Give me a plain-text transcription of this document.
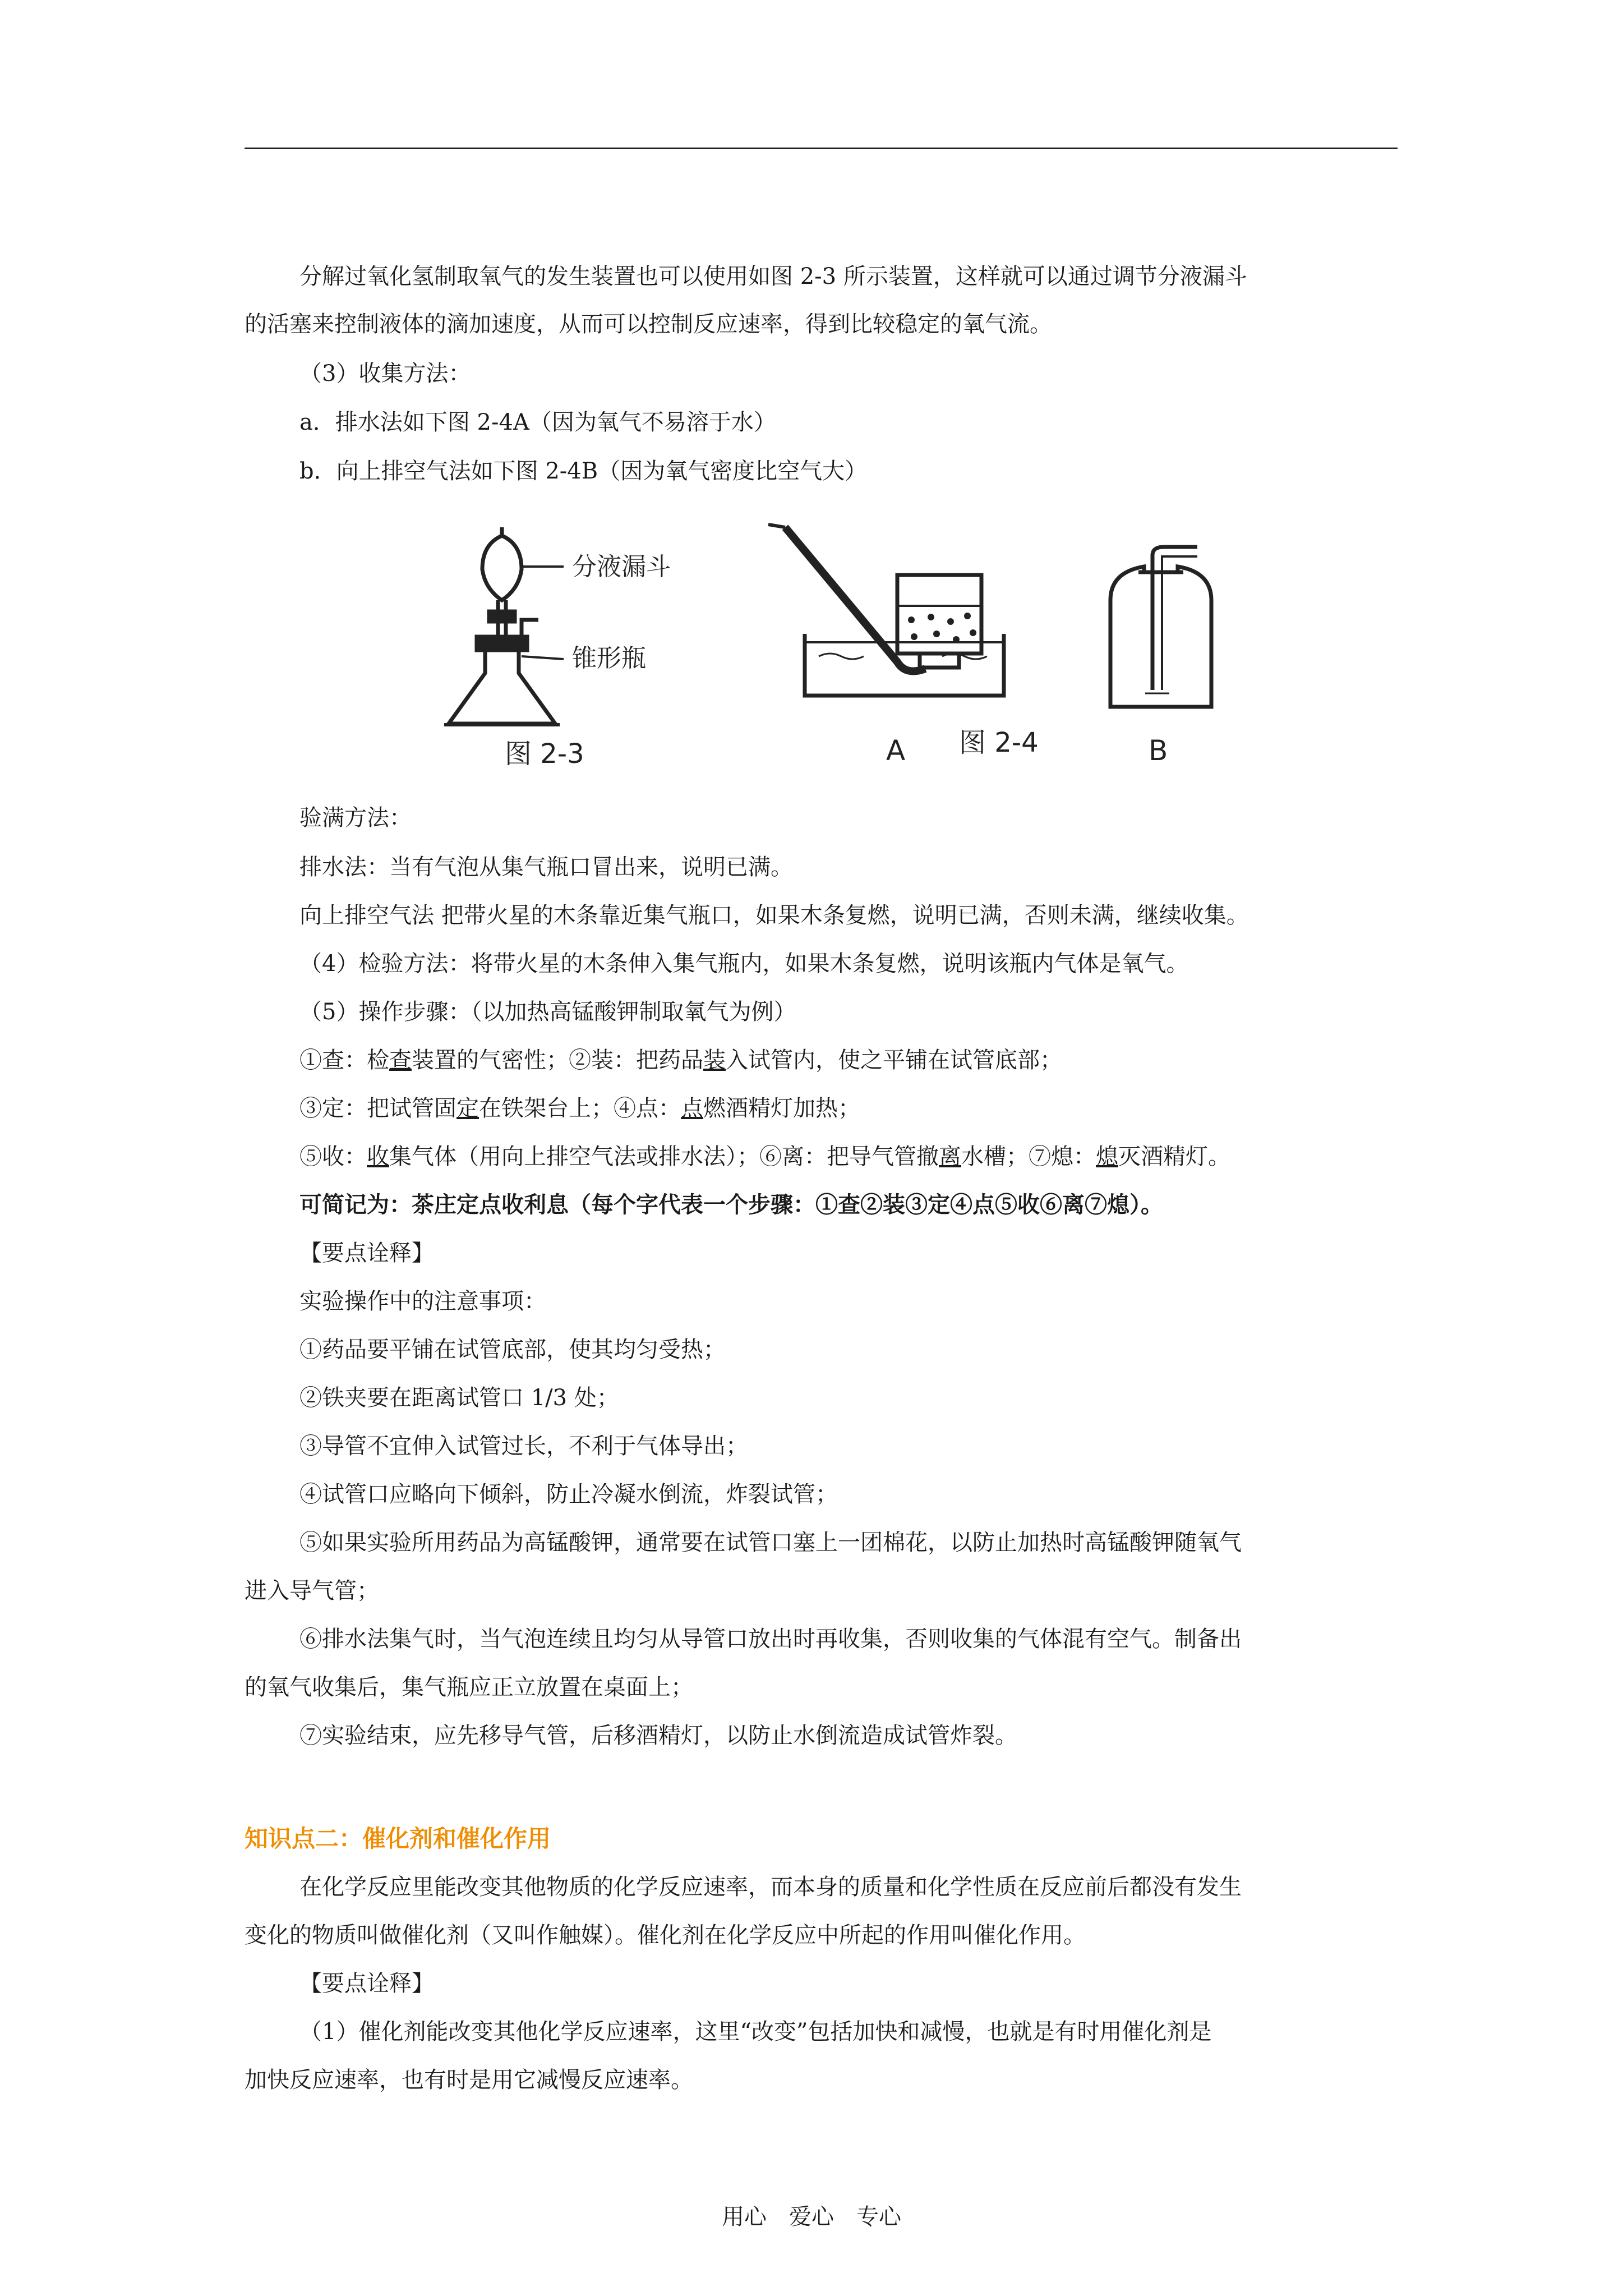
分解过氧化氢制取氧气的发生装置也可以使用如图 2-3 所示装置，这样就可以通过调节分液漏斗
的活塞来控制液体的滴加速度，从而可以控制反应速率，得到比较稳定的氧气流。
（3）收集方法：
a．排水法如下图 2-4A（因为氧气不易溶于水）
b．向上排空气法如下图 2-4B（因为氧气密度比空气大）
分液漏斗
锥形瓶
图 2-3	A 图 2-4	B
验满方法：
排水法：当有气泡从集气瓶口冒出来，说明已满。
向上排空气法 把带火星的木条靠近集气瓶口，如果木条复燃，说明已满，否则未满，继续收集。
（4）检验方法：将带火星的木条伸入集气瓶内，如果木条复燃，说明该瓶内气体是氧气。
（5）操作步骤：（以加热高锰酸钾制取氧气为例）
①查：检查装置的气密性；②装：把药品装入试管内，使之平铺在试管底部；
③定：把试管固定在铁架台上；④点：点燃酒精灯加热；
⑤收：收集气体（用向上排空气法或排水法）；⑥离：把导气管撤离水槽；⑦熄：熄灭酒精灯。
可简记为：茶庄定点收利息（每个字代表一个步骤：①查②装③定④点⑤收⑥离⑦熄）。
【要点诠释】
实验操作中的注意事项：
①药品要平铺在试管底部，使其均匀受热；
②铁夹要在距离试管口 1/3 处；
③导管不宜伸入试管过长，不利于气体导出；
④试管口应略向下倾斜，防止冷凝水倒流，炸裂试管；
⑤如果实验所用药品为高锰酸钾，通常要在试管口塞上一团棉花，以防止加热时高锰酸钾随氧气
进入导气管；
⑥排水法集气时，当气泡连续且均匀从导管口放出时再收集，否则收集的气体混有空气。制备出
的氧气收集后，集气瓶应正立放置在桌面上；
⑦实验结束，应先移导气管，后移酒精灯，以防止水倒流造成试管炸裂。
知识点二：催化剂和催化作用
在化学反应里能改变其他物质的化学反应速率，而本身的质量和化学性质在反应前后都没有发生
变化的物质叫做催化剂（又叫作触媒）。催化剂在化学反应中所起的作用叫催化作用。
【要点诠释】
（1）催化剂能改变其他化学反应速率，这里“改变”包括加快和减慢，也就是有时用催化剂是
加快反应速率，也有时是用它减慢反应速率。
用心　爱心　专心
